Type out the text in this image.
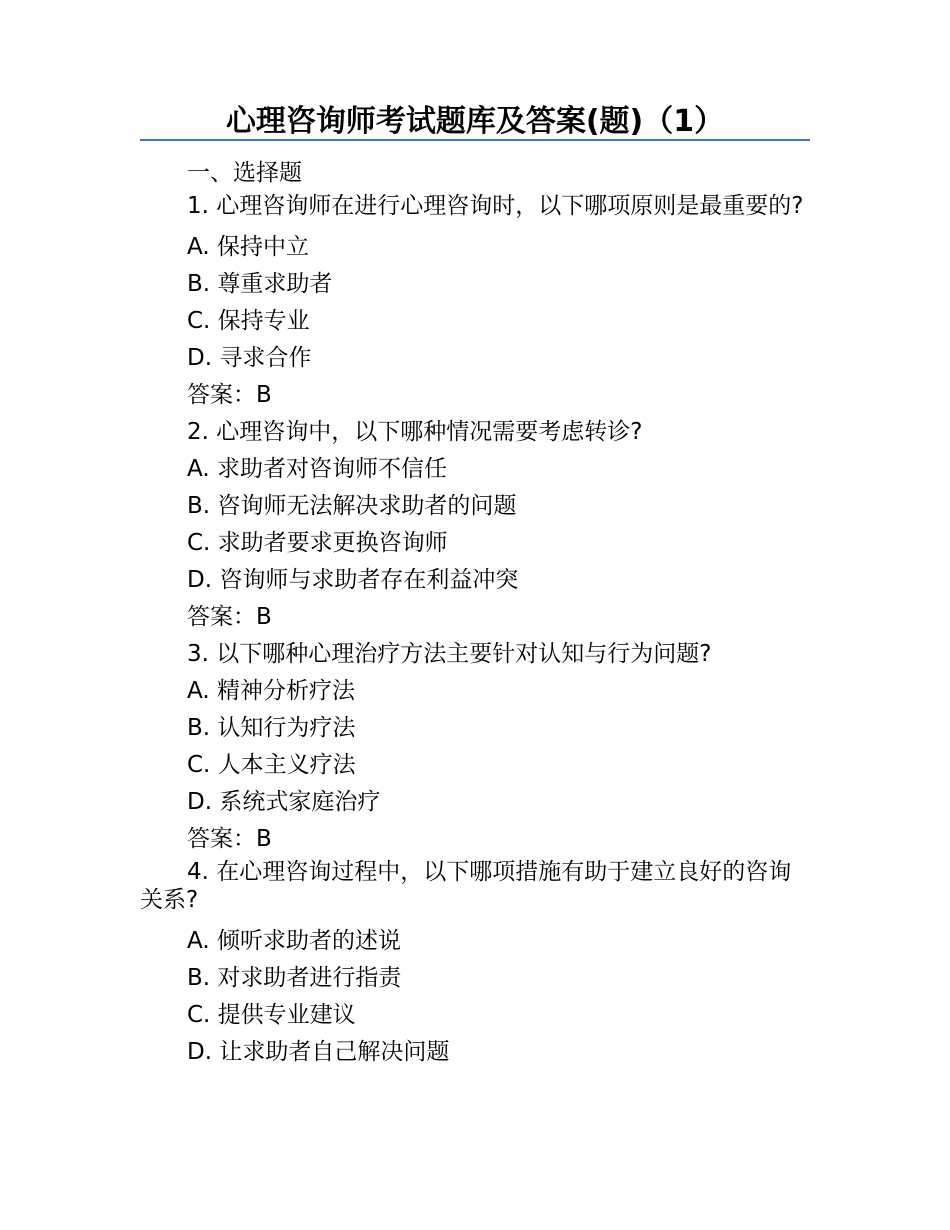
心理咨询师考试题库及答案(题)（1）
一、选择题
1. 心理咨询师在进行心理咨询时，以下哪项原则是最重要的?
A. 保持中立
B. 尊重求助者
C. 保持专业
D. 寻求合作
答案：B
2. 心理咨询中，以下哪种情况需要考虑转诊?
A. 求助者对咨询师不信任
B. 咨询师无法解决求助者的问题
C. 求助者要求更换咨询师
D. 咨询师与求助者存在利益冲突
答案：B
3. 以下哪种心理治疗方法主要针对认知与行为问题?
A. 精神分析疗法
B. 认知行为疗法
C. 人本主义疗法
D. 系统式家庭治疗
答案：B
4. 在心理咨询过程中，以下哪项措施有助于建立良好的咨询关系?
A. 倾听求助者的述说
B. 对求助者进行指责
C. 提供专业建议
D. 让求助者自己解决问题
